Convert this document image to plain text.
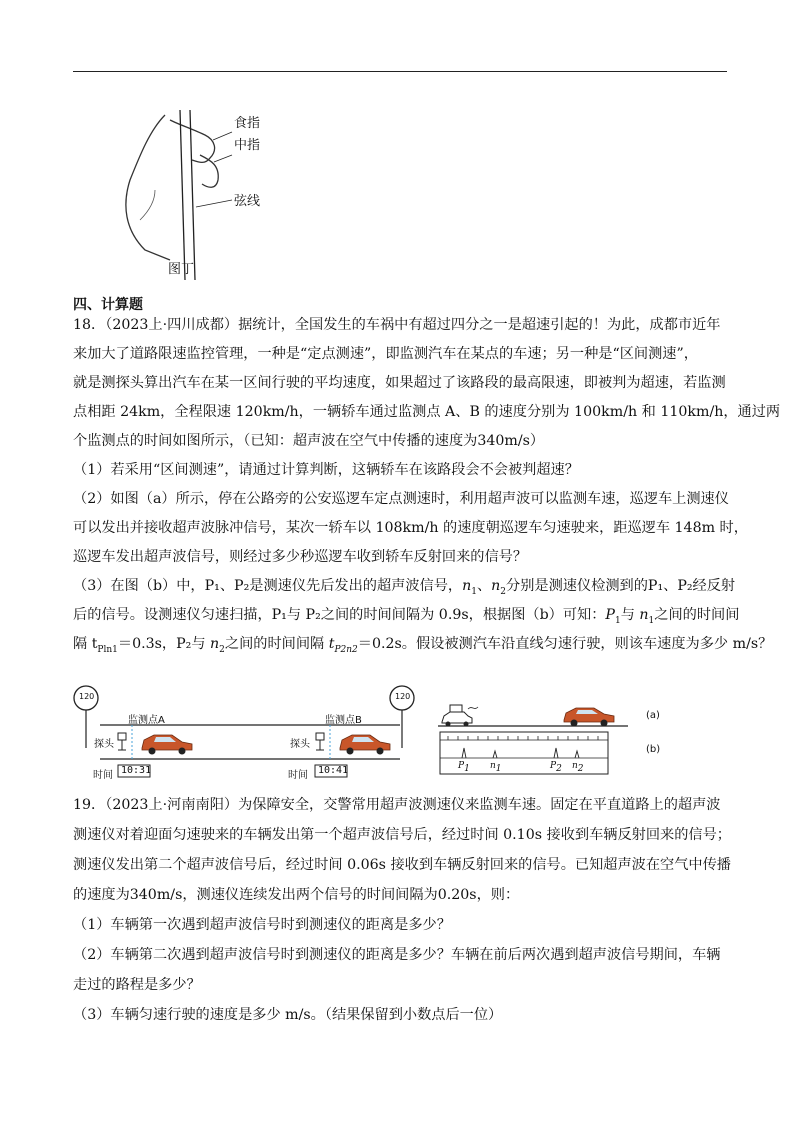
食指
中指
弦线
图丁
四、计算题
18．（2023上·四川成都）据统计，全国发生的车祸中有超过四分之一是超速引起的！为此，成都市近年
来加大了道路限速监控管理，一种是“定点测速”，即监测汽车在某点的车速；另一种是“区间测速”，
就是测探头算出汽车在某一区间行驶的平均速度，如果超过了该路段的最高限速，即被判为超速，若监测
点相距 24km，全程限速 120km/h，一辆轿车通过监测点 A、B 的速度分别为 100km/h 和 110km/h，通过两
个监测点的时间如图所示，（已知：超声波在空气中传播的速度为340m/s）
（1）若采用“区间测速”，请通过计算判断，这辆轿车在该路段会不会被判超速？
（2）如图（a）所示，停在公路旁的公安巡逻车定点测速时，利用超声波可以监测车速，巡逻车上测速仪
可以发出并接收超声波脉冲信号，某次一轿车以 108km/h 的速度朝巡逻车匀速驶来，距巡逻车 148m 时，
巡逻车发出超声波信号，则经过多少秒巡逻车收到轿车反射回来的信号？
（3）在图（b）中，P₁、P₂是测速仪先后发出的超声波信号，$n_1$、$n_2$分别是测速仪检测到的P₁、P₂经反射
后的信号。设测速仪匀速扫描，P₁与 P₂之间的时间间隔为 0.9s，根据图（b）可知：$P_1$与 $n_1$之间的时间间
隔 $t_{Pln1}=0.3s$，P₂与 $n_2$之间的时间间隔 $t_{P2n2}=0.2s$。假设被测汽车沿直线匀速行驶，则该车速度为多少 m/s？
120	120
监测点A	监测点B
探头	探头
时间	时间
10:31	10:41
(a)
(b)
$P_1$ $n_1$	$P_2$ $n_2$
19．（2023上·河南南阳）为保障安全，交警常用超声波测速仪来监测车速。固定在平直道路上的超声波
测速仪对着迎面匀速驶来的车辆发出第一个超声波信号后，经过时间 0.10s 接收到车辆反射回来的信号；
测速仪发出第二个超声波信号后，经过时间 0.06s 接收到车辆反射回来的信号。已知超声波在空气中传播
的速度为340m/s，测速仪连续发出两个信号的时间间隔为0.20s，则：
（1）车辆第一次遇到超声波信号时到测速仪的距离是多少？
（2）车辆第二次遇到超声波信号时到测速仪的距离是多少？车辆在前后两次遇到超声波信号期间，车辆
走过的路程是多少？
（3）车辆匀速行驶的速度是多少 m/s。（结果保留到小数点后一位）
